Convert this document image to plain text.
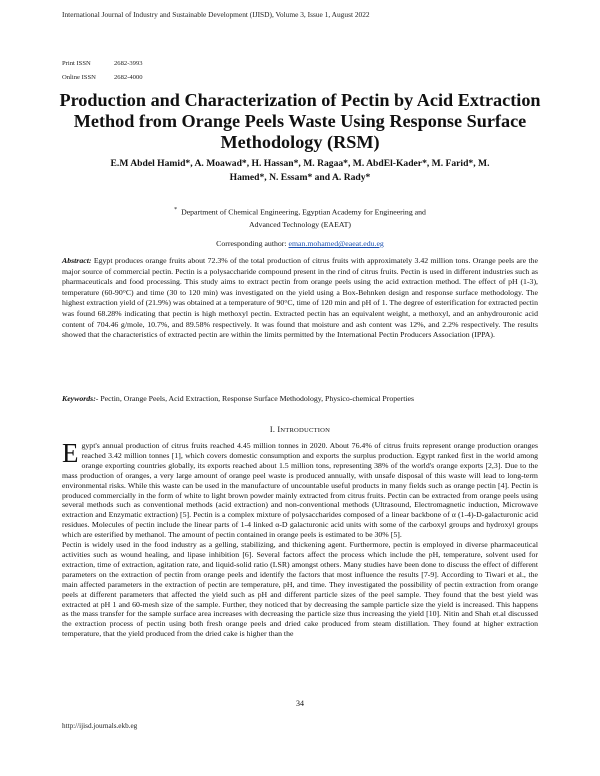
International Journal of Industry and Sustainable Development (IJISD), Volume 3, Issue 1, August 2022
Print ISSN	2682-3993
Online ISSN	2682-4000
Production and Characterization of Pectin by Acid Extraction Method from Orange Peels Waste Using Response Surface Methodology (RSM)
E.M Abdel Hamid*, A. Moawad*, H. Hassan*, M. Ragaa*, M. AbdEl-Kader*, M. Farid*, M.
Hamed*, N. Essam* and A. Rady*
* Department of Chemical Engineering, Egyptian Academy for Engineering and
Advanced Technology (EAEAT)
Corresponding author: eman.mohamed@eaeat.edu.eg

Abstract: Egypt produces orange fruits about 72.3% of the total production of citrus fruits with approximately 3.42 million tons. Orange peels are the major source of commercial pectin. Pectin is a polysaccharide compound present in the rind of citrus fruits. Pectin is used in different industries such as pharmaceuticals and food processing. This study aims to extract pectin from orange peels using the acid extraction method. The effect of pH (1-3), temperature (60-90°C) and time (30 to 120 min) was investigated on the yield using a Box-Behnken design and response surface methodology. The highest extraction yield of (21.9%) was obtained at a temperature of 90°C, time of 120 min and pH of 1. The degree of esterification for extracted pectin was found 68.28% indicating that pectin is high methoxyl pectin. Extracted pectin has an equivalent weight, a methoxyl, and an anhydrouronic acid content of 704.46 g/mole, 10.7%, and 89.58% respectively. It was found that moisture and ash content was 12%, and 2.2% respectively. The results showed that the characteristics of extracted pectin are within the limits permitted by the International Pectin Producers Association (IPPA).

Keywords:- Pectin, Orange Peels, Acid Extraction, Response Surface Methodology, Physico-chemical Properties

I. INTRODUCTION

Egypt's annual production of citrus fruits reached 4.45 million tonnes in 2020. About 76.4% of citrus fruits represent orange production oranges reached 3.42 million tonnes [1], which covers domestic consumption and exports the surplus production. Egypt ranked first in the world among orange exporting countries globally, its exports reached about 1.5 million tons, representing 38% of the world's orange exports [2,3]. Due to the mass production of oranges, a very large amount of orange peel waste is produced annually, with unsafe disposal of this waste will lead to long-term environmental risks. While this waste can be used in the manufacture of uncountable useful products in many fields such as orange pectin [4]. Pectin is produced commercially in the form of white to light brown powder mainly extracted from citrus fruits. Pectin can be extracted from orange peels using several methods such as conventional methods (acid extraction) and non-conventional methods (Ultrasound, Electromagnetic induction, Microwave extraction and Enzymatic extraction) [5]. Pectin is a complex mixture of polysaccharides composed of a linear backbone of α (1-4)-D-galacturonic acid residues. Molecules of pectin include the linear parts of 1-4 linked α-D galacturonic acid units with some of the carboxyl groups and hydroxyl groups which are esterified by methanol. The amount of pectin contained in orange peels is estimated to be 30% [5].

Pectin is widely used in the food industry as a gelling, stabilizing, and thickening agent. Furthermore, pectin is employed in diverse pharmaceutical activities such as wound healing, and lipase inhibition [6]. Several factors affect the process which include the pH, temperature, solvent used for extraction, time of extraction, agitation rate, and liquid-solid ratio (LSR) amongst others. Many studies have been done to discuss the effect of different parameters on the extraction of pectin from orange peels and identify the factors that most influence the results [7-9]. According to Tiwari et al., the main affected parameters in the extraction of pectin are temperature, pH, and time. They investigated the possibility of pectin extraction from orange peels at different parameters that affected the yield such as pH and different particle sizes of the peel sample. They found that the best yield was extracted at pH 1 and 60-mesh size of the sample. Further, they noticed that by decreasing the sample particle size the yield is increased. This happens as the mass transfer for the sample surface area increases with decreasing the particle size thus increasing the yield [10]. Nitin and Shah et.al discussed the extraction process of pectin using both fresh orange peels and dried cake produced from steam distillation. They found at higher extraction temperature, that the yield produced from the dried cake is higher than the

34
http://ijisd.journals.ekb.eg
